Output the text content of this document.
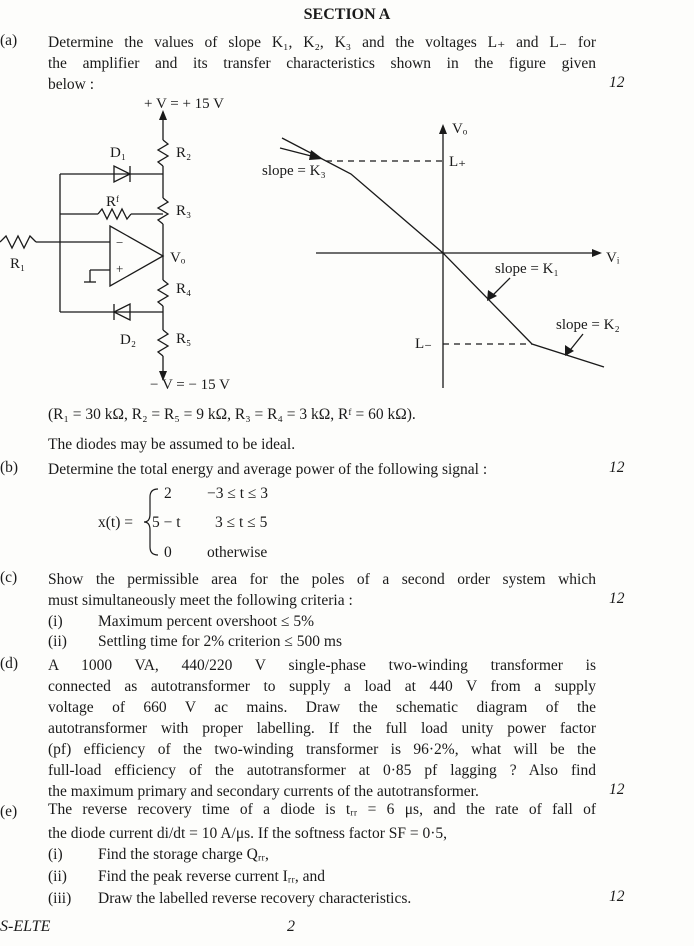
SECTION A
(a) Determine the values of slope K₁, K₂, K₃ and the voltages L₊ and L₋ for
the amplifier and its transfer characteristics shown in the figure given
below :	12
+ V = + 15 V
− V = − 15 V
D₁
D₂
Rᶠ
R₁
R₂
R₃
R₄
R₅
Vₒ
−
+
Vₒ
Vᵢ
L₊
L₋
slope = K₃
slope = K₁
slope = K₂
(R₁ = 30 kΩ, R₂ = R₅ = 9 kΩ, R₃ = R₄ = 3 kΩ, Rᶠ = 60 kΩ).
The diodes may be assumed to be ideal.
(b) Determine the total energy and average power of the following signal :	12
x(t) =
2 −3 ≤ t ≤ 3
5 − t 3 ≤ t ≤ 5
0 otherwise
(c) Show the permissible area for the poles of a second order system which
must simultaneously meet the following criteria :	12
(i) Maximum percent overshoot ≤ 5%
(ii) Settling time for 2% criterion ≤ 500 ms
(d) A 1000 VA, 440/220 V single-phase two-winding transformer is
connected as autotransformer to supply a load at 440 V from a supply
voltage of 660 V ac mains. Draw the schematic diagram of the
autotransformer with proper labelling. If the full load unity power factor
(pf) efficiency of the two-winding transformer is 96·2%, what will be the
full-load efficiency of the autotransformer at 0·85 pf lagging ? Also find
the maximum primary and secondary currents of the autotransformer.	12
(e) The reverse recovery time of a diode is tᵣᵣ = 6 μs, and the rate of fall of
the diode current di/dt = 10 A/μs. If the softness factor SF = 0·5,
(i) Find the storage charge Qᵣᵣ,
(ii) Find the peak reverse current Iᵣᵣ, and
(iii) Draw the labelled reverse recovery characteristics.	12
S-ELTE	2
